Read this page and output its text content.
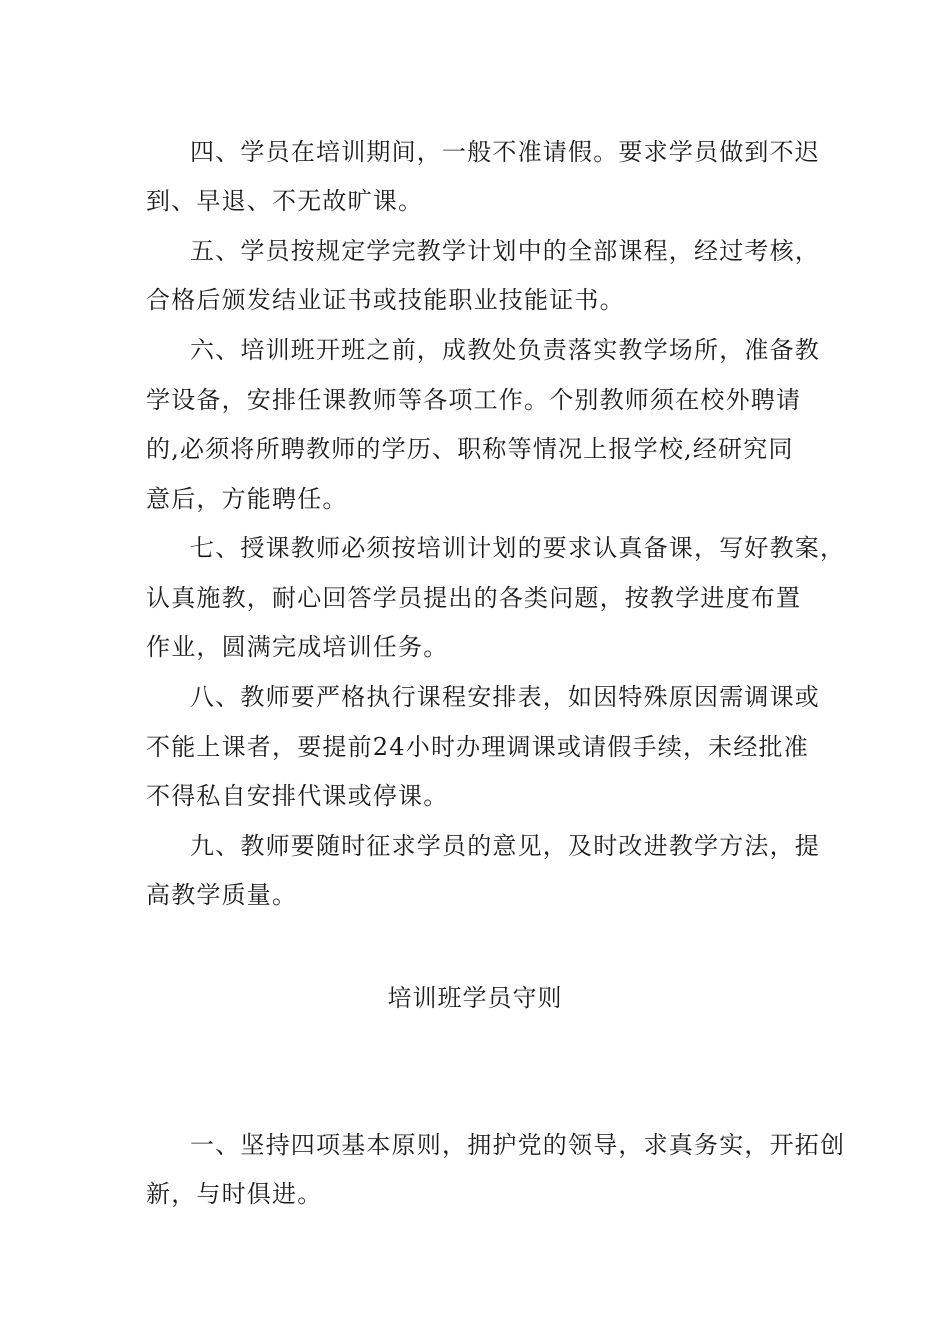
四、学员在培训期间，一般不准请假。要求学员做到不迟
到、早退、不无故旷课。
五、学员按规定学完教学计划中的全部课程，经过考核，
合格后颁发结业证书或技能职业技能证书。
六、培训班开班之前，成教处负责落实教学场所，准备教
学设备，安排任课教师等各项工作。个别教师须在校外聘请
的,必须将所聘教师的学历、职称等情况上报学校,经研究同
意后，方能聘任。
七、授课教师必须按培训计划的要求认真备课，写好教案，
认真施教，耐心回答学员提出的各类问题，按教学进度布置
作业，圆满完成培训任务。
八、教师要严格执行课程安排表，如因特殊原因需调课或
不能上课者，要提前24小时办理调课或请假手续，未经批准
不得私自安排代课或停课。
九、教师要随时征求学员的意见，及时改进教学方法，提
高教学质量。
培训班学员守则
一、坚持四项基本原则，拥护党的领导，求真务实，开拓创
新，与时俱进。
